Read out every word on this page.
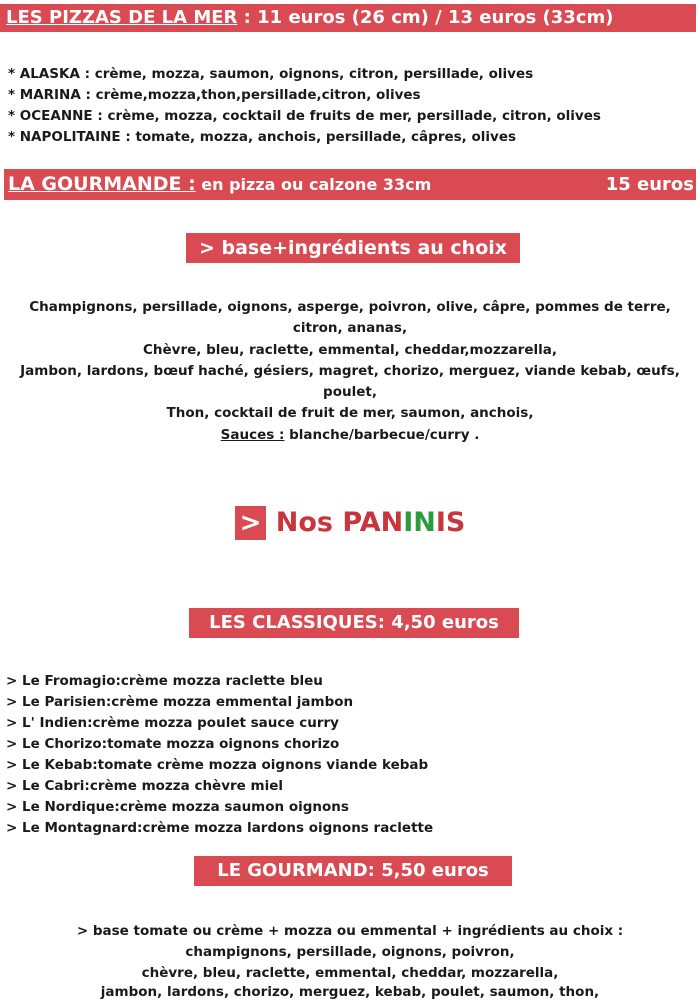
LES PIZZAS DE LA MER : 11 euros (26 cm) / 13 euros (33cm)
* ALASKA : crème, mozza, saumon, oignons, citron, persillade, olives
* MARINA : crème,mozza,thon,persillade,citron, olives
* OCEANNE : crème, mozza, cocktail de fruits de mer, persillade, citron, olives
* NAPOLITAINE : tomate, mozza, anchois, persillade, câpres, olives
LA GOURMANDE : en pizza ou calzone 33cm	15 euros
> base+ingrédients au choix
Champignons, persillade, oignons, asperge, poivron, olive, câpre, pommes de terre,
citron, ananas,
Chèvre, bleu, raclette, emmental, cheddar,mozzarella,
Jambon, lardons, bœuf haché, gésiers, magret, chorizo, merguez, viande kebab, œufs,
poulet,
Thon, cocktail de fruit de mer, saumon, anchois,
Sauces : blanche/barbecue/curry .
> Nos PANINIS
LES CLASSIQUES: 4,50 euros
> Le Fromagio:crème mozza raclette bleu
> Le Parisien:crème mozza emmental jambon
> L' Indien:crème mozza poulet sauce curry
> Le Chorizo:tomate mozza oignons chorizo
> Le Kebab:tomate crème mozza oignons viande kebab
> Le Cabri:crème mozza chèvre miel
> Le Nordique:crème mozza saumon oignons
> Le Montagnard:crème mozza lardons oignons raclette
LE GOURMAND: 5,50 euros
> base tomate ou crème + mozza ou emmental + ingrédients au choix :
champignons, persillade, oignons, poivron,
chèvre, bleu, raclette, emmental, cheddar, mozzarella,
jambon, lardons, chorizo, merguez, kebab, poulet, saumon, thon,
